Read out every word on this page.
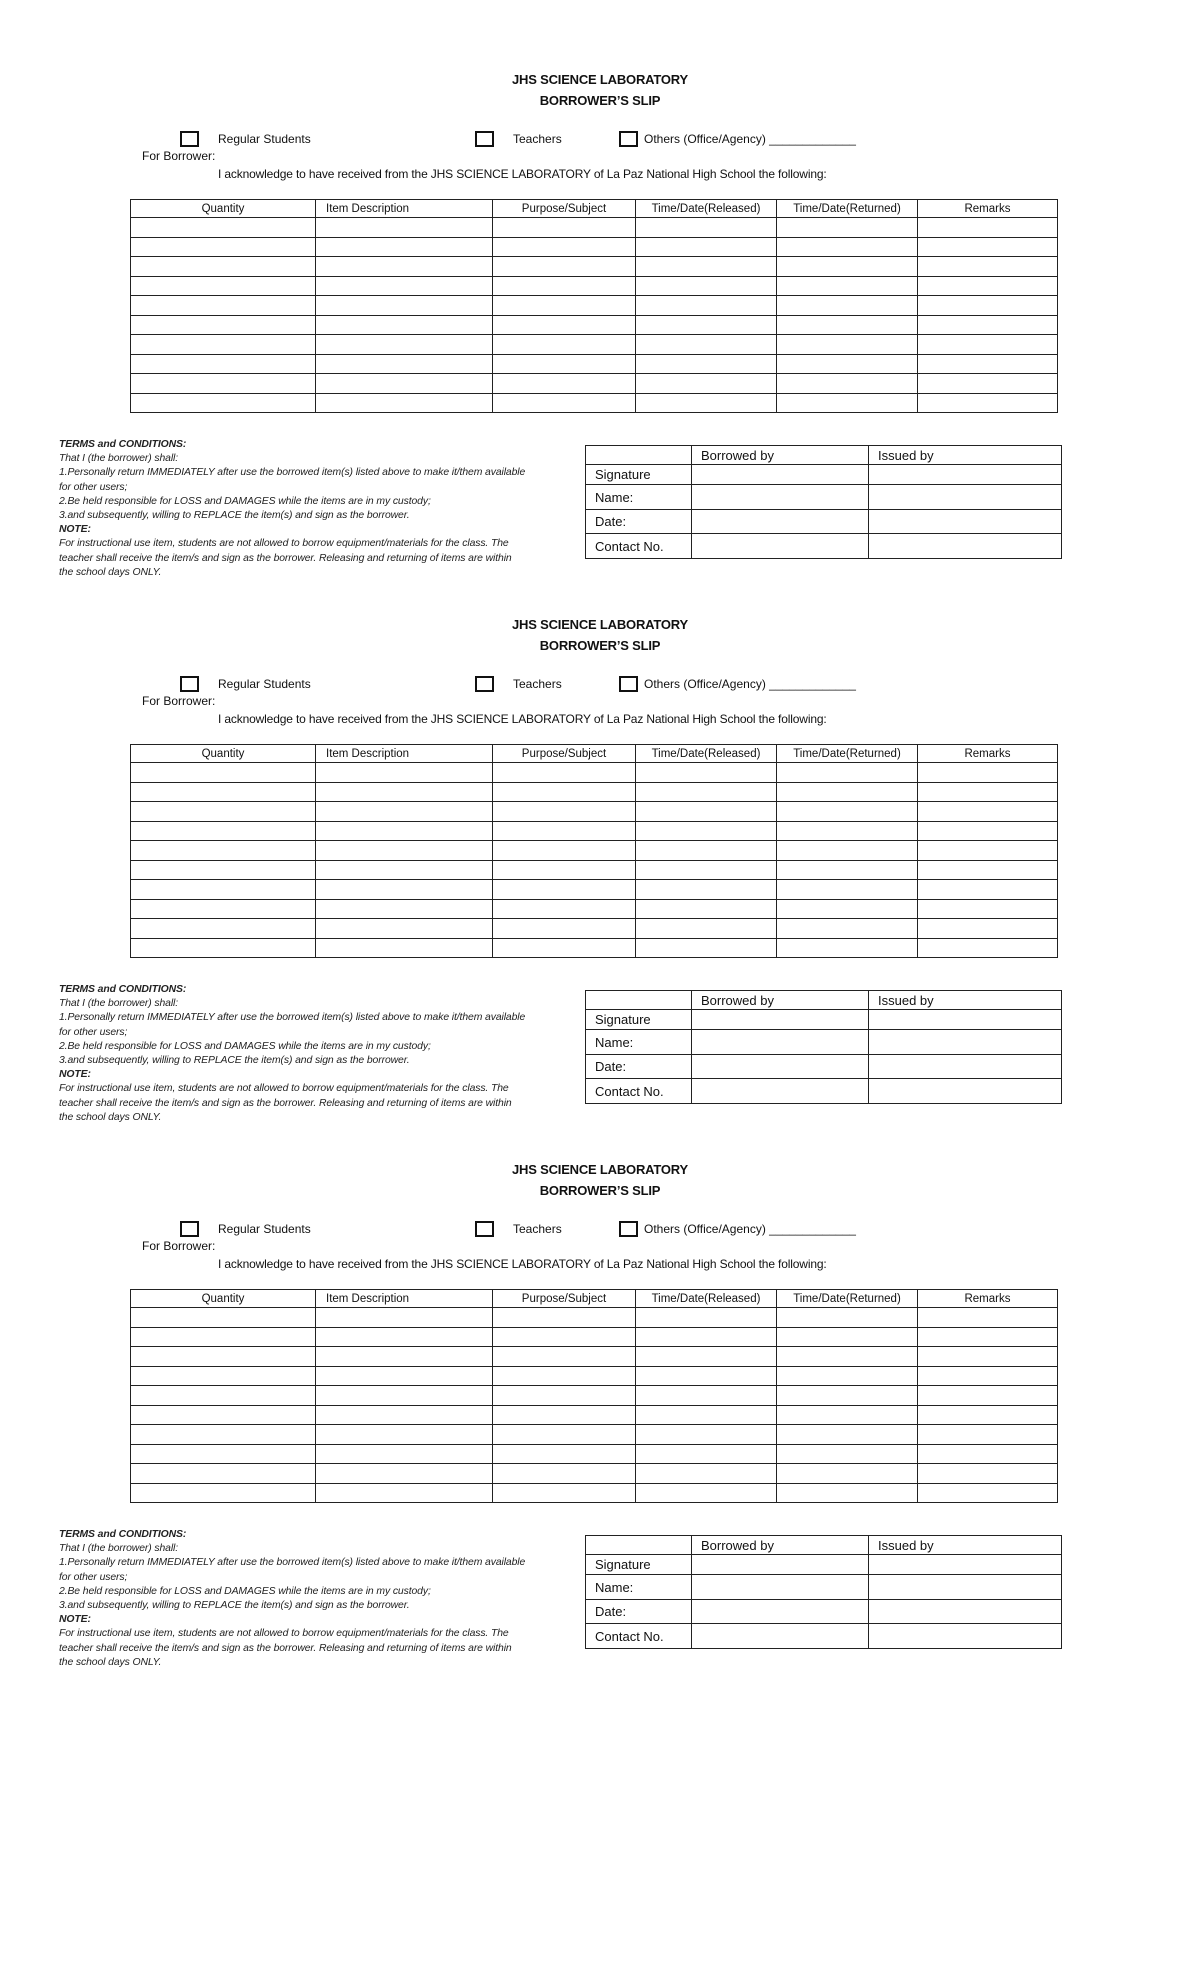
JHS SCIENCE LABORATORY
BORROWER’S SLIP
Regular Students	Teachers	Others (Office/Agency) _____________
For Borrower:
I acknowledge to have received from the JHS SCIENCE LABORATORY of La Paz National High School the following:
Quantity	Item Description	Purpose/Subject	Time/Date(Released)	Time/Date(Returned)	Remarks

TERMS and CONDITIONS:
That I (the borrower) shall:
1.Personally return IMMEDIATELY after use the borrowed item(s) listed above to make it/them available
for other users;
2.Be held responsible for LOSS and DAMAGES while the items are in my custody;
3.and subsequently, willing to REPLACE the item(s) and sign as the borrower.
NOTE:
For instructional use item, students are not allowed to borrow equipment/materials for the class. The
teacher shall receive the item/s and sign as the borrower. Releasing and returning of items are within
the school days ONLY.
	Borrowed by	Issued by
Signature		
Name:		
Date:		
Contact No.		
JHS SCIENCE LABORATORY
BORROWER’S SLIP
Regular Students	Teachers	Others (Office/Agency) _____________
For Borrower:
I acknowledge to have received from the JHS SCIENCE LABORATORY of La Paz National High School the following:
Quantity	Item Description	Purpose/Subject	Time/Date(Released)	Time/Date(Returned)	Remarks

TERMS and CONDITIONS:
That I (the borrower) shall:
1.Personally return IMMEDIATELY after use the borrowed item(s) listed above to make it/them available
for other users;
2.Be held responsible for LOSS and DAMAGES while the items are in my custody;
3.and subsequently, willing to REPLACE the item(s) and sign as the borrower.
NOTE:
For instructional use item, students are not allowed to borrow equipment/materials for the class. The
teacher shall receive the item/s and sign as the borrower. Releasing and returning of items are within
the school days ONLY.
	Borrowed by	Issued by
Signature		
Name:		
Date:		
Contact No.		
JHS SCIENCE LABORATORY
BORROWER’S SLIP
Regular Students	Teachers	Others (Office/Agency) _____________
For Borrower:
I acknowledge to have received from the JHS SCIENCE LABORATORY of La Paz National High School the following:
Quantity	Item Description	Purpose/Subject	Time/Date(Released)	Time/Date(Returned)	Remarks

TERMS and CONDITIONS:
That I (the borrower) shall:
1.Personally return IMMEDIATELY after use the borrowed item(s) listed above to make it/them available
for other users;
2.Be held responsible for LOSS and DAMAGES while the items are in my custody;
3.and subsequently, willing to REPLACE the item(s) and sign as the borrower.
NOTE:
For instructional use item, students are not allowed to borrow equipment/materials for the class. The
teacher shall receive the item/s and sign as the borrower. Releasing and returning of items are within
the school days ONLY.
	Borrowed by	Issued by
Signature		
Name:		
Date:		
Contact No.		
